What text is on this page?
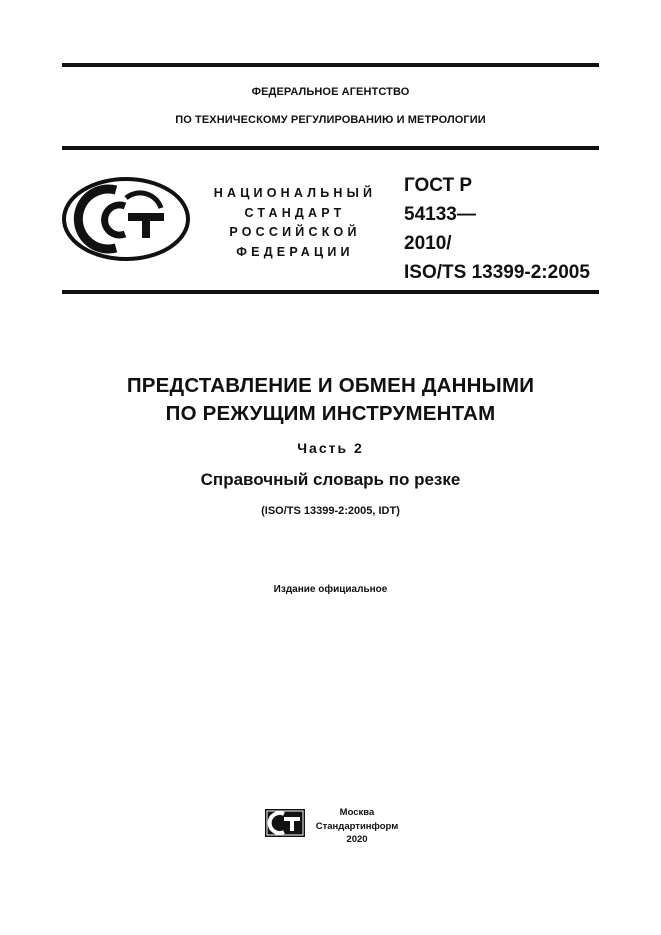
ФЕДЕРАЛЬНОЕ АГЕНТСТВО
ПО ТЕХНИЧЕСКОМУ РЕГУЛИРОВАНИЮ И МЕТРОЛОГИИ
НАЦИОНАЛЬНЫЙ
СТАНДАРТ
РОССИЙСКОЙ
ФЕДЕРАЦИИ
ГОСТ Р
54133—
2010/
ISO/TS 13399-2:2005
ПРЕДСТАВЛЕНИЕ И ОБМЕН ДАННЫМИ
ПО РЕЖУЩИМ ИНСТРУМЕНТАМ
Часть 2
Справочный словарь по резке
(ISO/TS 13399-2:2005, IDT)
Издание официальное
Москва
Стандартинформ
2020
